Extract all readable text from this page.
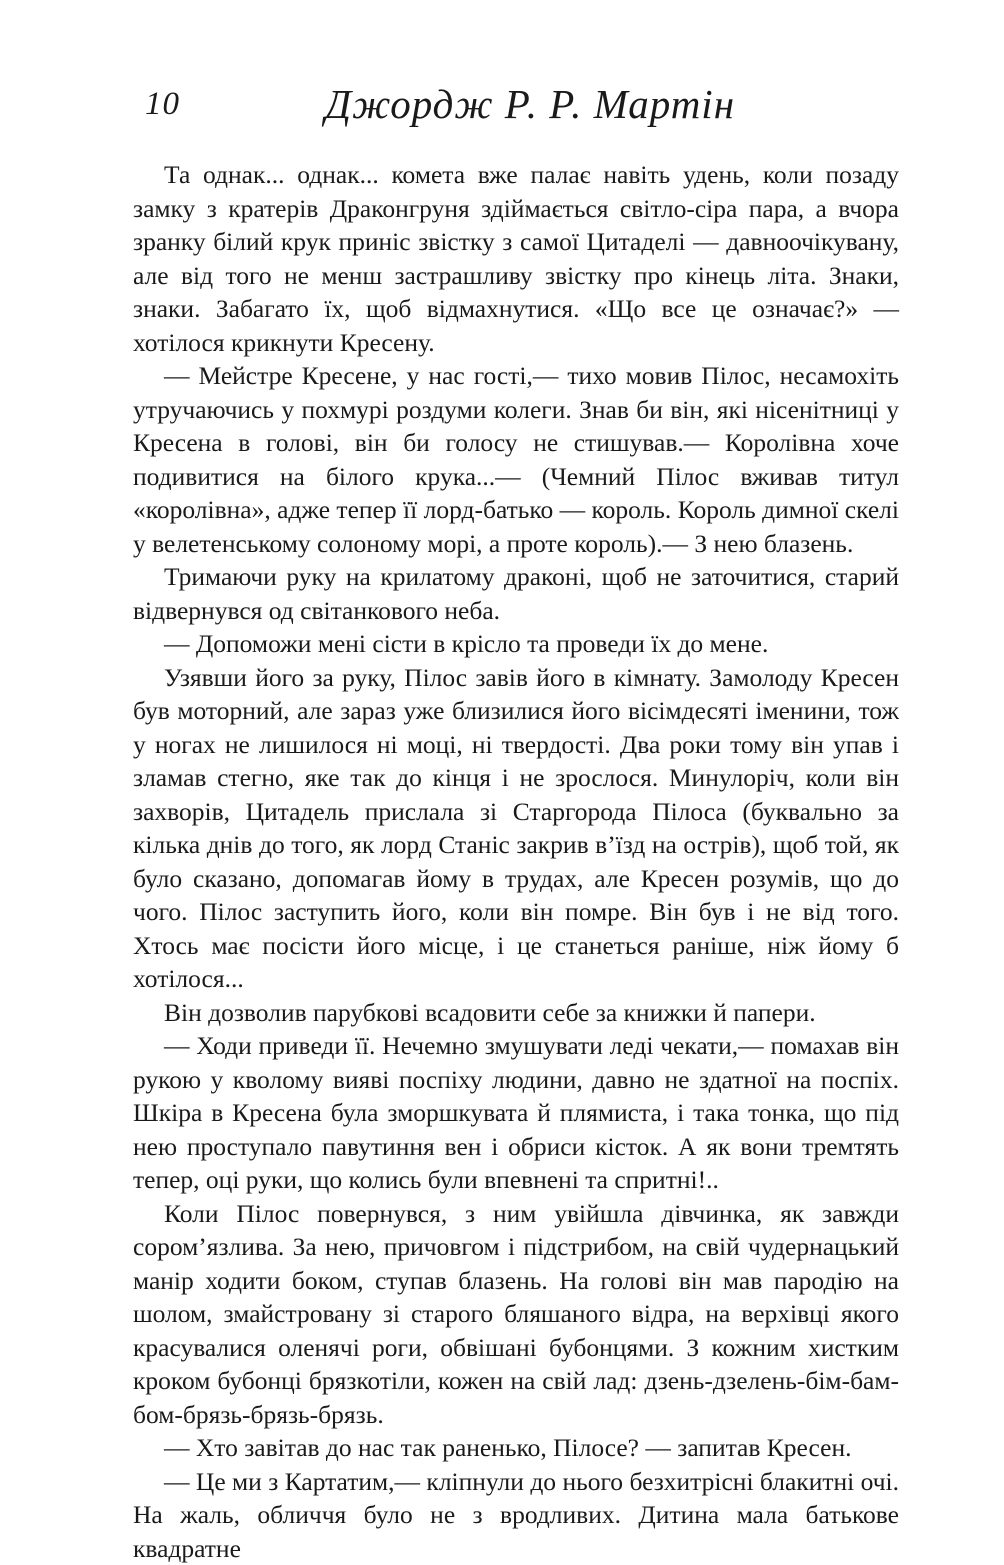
10	Джордж Р. Р. Мартін

Та однак... однак... комета вже палає навіть удень, коли позаду замку з кратерів Драконгруня здіймається світло-сіра пара, а вчора зранку білий крук приніс звістку з самої Цитаделі — давноочікувану, але від того не менш застрашливу звістку про кінець літа. Знаки, знаки. Забагато їх, щоб відмахнутися. «Що все це означає?» — хотілося крикнути Кресену.

— Мейстре Кресене, у нас гості,— тихо мовив Пілос, несамохіть утручаючись у похмурі роздуми колеги. Знав би він, які нісенітниці у Кресена в голові, він би голосу не стишував.— Королівна хоче подивитися на білого крука...— (Чемний Пілос вживав титул «королівна», адже тепер її лорд-батько — король. Король димної скелі у велетенському солоному морі, а проте король).— З нею блазень.

Тримаючи руку на крилатому драконі, щоб не заточитися, старий відвернувся од світанкового неба.

— Допоможи мені сісти в крісло та проведи їх до мене.

Узявши його за руку, Пілос завів його в кімнату. Замолоду Кресен був моторний, але зараз уже близилися його вісімдесяті іменини, тож у ногах не лишилося ні моці, ні твердості. Два роки тому він упав і зламав стегно, яке так до кінця і не зрослося. Минулоріч, коли він захворів, Цитадель прислала зі Старгорода Пілоса (буквально за кілька днів до того, як лорд Станіс закрив в’їзд на острів), щоб той, як було сказано, допомагав йому в трудах, але Кресен розумів, що до чого. Пілос заступить його, коли він помре. Він був і не від того. Хтось має посісти його місце, і це станеться раніше, ніж йому б хотілося...

Він дозволив парубкові всадовити себе за книжки й папери.

— Ходи приведи її. Нечемно змушувати леді чекати,— помахав він рукою у кволому виявi поспіху людини, давно не здатної на поспіх. Шкіра в Кресена була зморшкувата й плямиста, і така тонка, що під нею проступало павутиння вен і обриси кісток. А як вони тремтять тепер, оці руки, що колись були впевнені та спритні!..

Коли Пілос повернувся, з ним увійшла дівчинка, як завжди сором’язлива. За нею, причовгом і підстрибом, на свій чудернацький манір ходити боком, ступав блазень. На голові він мав пародію на шолом, змайстровану зі старого бляшаного відра, на верхівці якого красувалися оленячі роги, обвішані бубонцями. З кожним хистким кроком бубонці брязкотіли, кожен на свій лад: дзень-дзелень-бім-бам-бом-брязь-брязь-брязь.

— Хто завітав до нас так раненько, Пілосе? — запитав Кресен.

— Це ми з Картатим,— кліпнули до нього безхитрісні блакитні очі. На жаль, обличчя було не з вродливих. Дитина мала батькове квадратне
